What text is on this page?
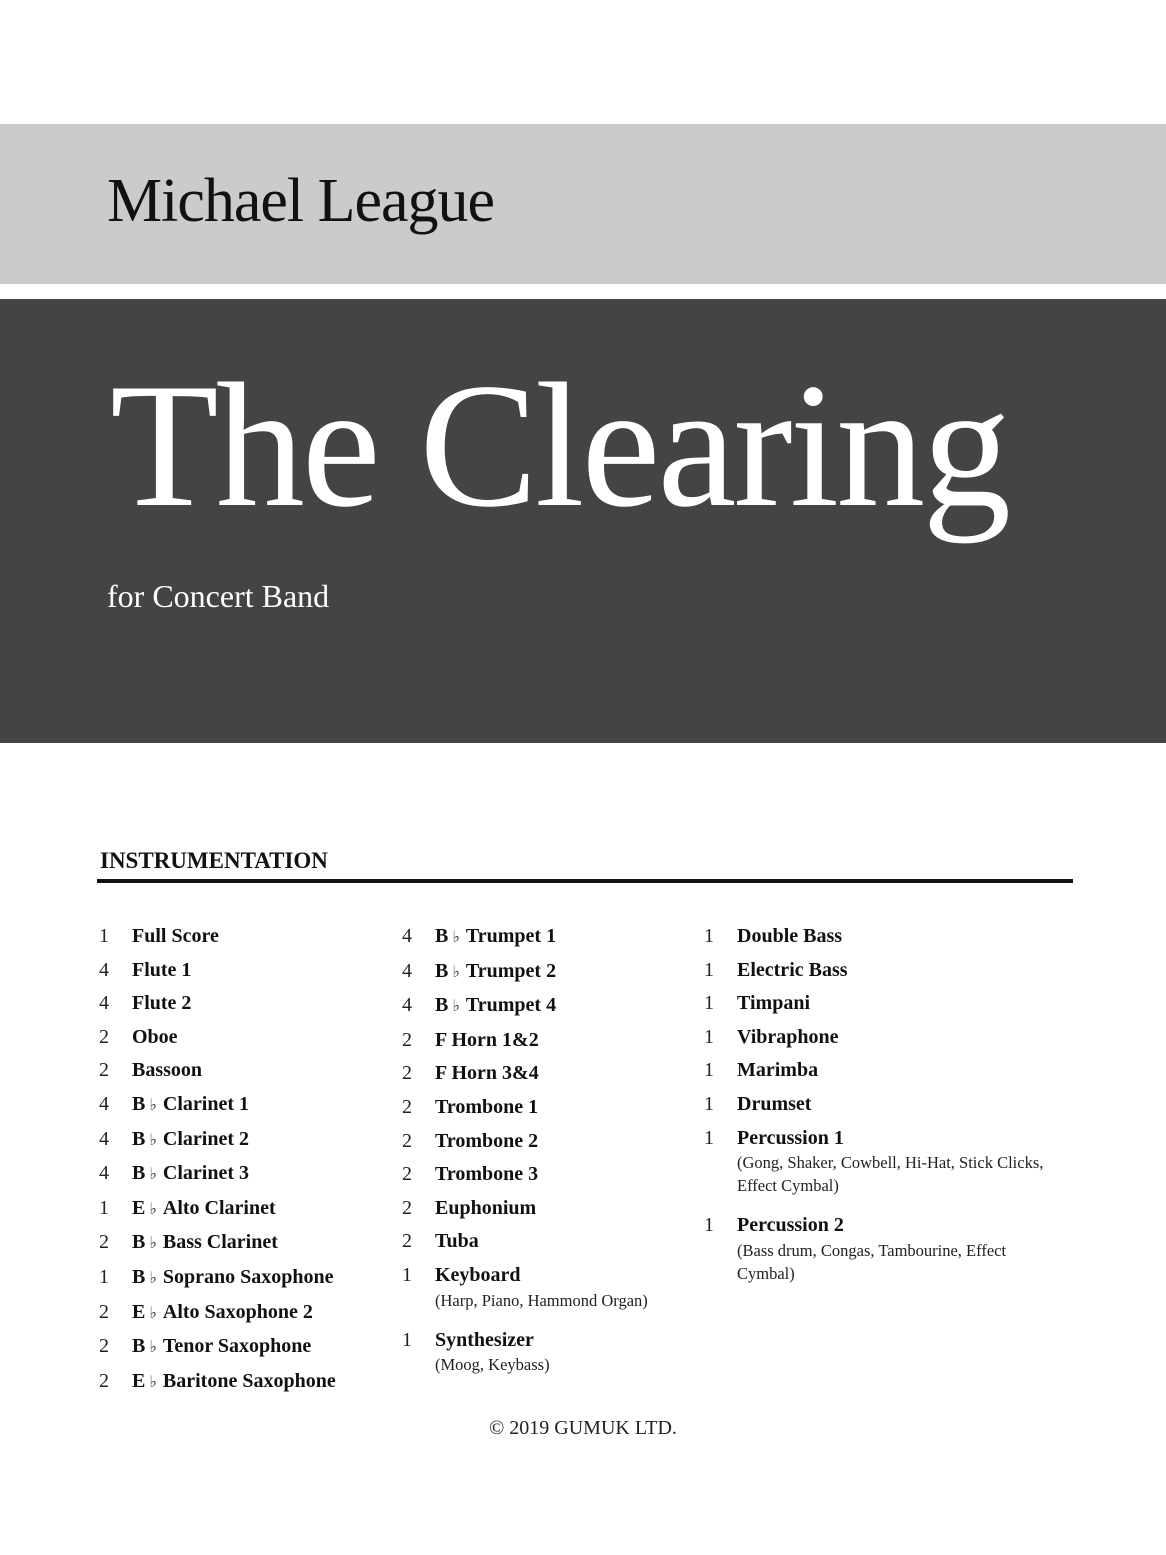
Michael League
The Clearing
for Concert Band
INSTRUMENTATION
1	Full Score
4	Flute 1
4	Flute 2
2	Oboe
2	Bassoon
4	B ♭ Clarinet 1
4	B ♭ Clarinet 2
4	B ♭ Clarinet 3
1	E ♭ Alto Clarinet
2	B ♭ Bass Clarinet
1	B ♭ Soprano Saxophone
2	E ♭ Alto Saxophone 2
2	B ♭ Tenor Saxophone
2	E ♭ Baritone Saxophone
4	B ♭ Trumpet 1
4	B ♭ Trumpet 2
4	B ♭ Trumpet 4
2	F Horn 1&2
2	F Horn 3&4
2	Trombone 1
2	Trombone 2
2	Trombone 3
2	Euphonium
2	Tuba
1	Keyboard
(Harp, Piano, Hammond Organ)
1	Synthesizer
(Moog, Keybass)
1	Double Bass
1	Electric Bass
1	Timpani
1	Vibraphone
1	Marimba
1	Drumset
1	Percussion 1
(Gong, Shaker, Cowbell, Hi-Hat, Stick Clicks, Effect Cymbal)
1	Percussion 2
(Bass drum, Congas, Tambourine, Effect Cymbal)
© 2019 GUMUK LTD.
